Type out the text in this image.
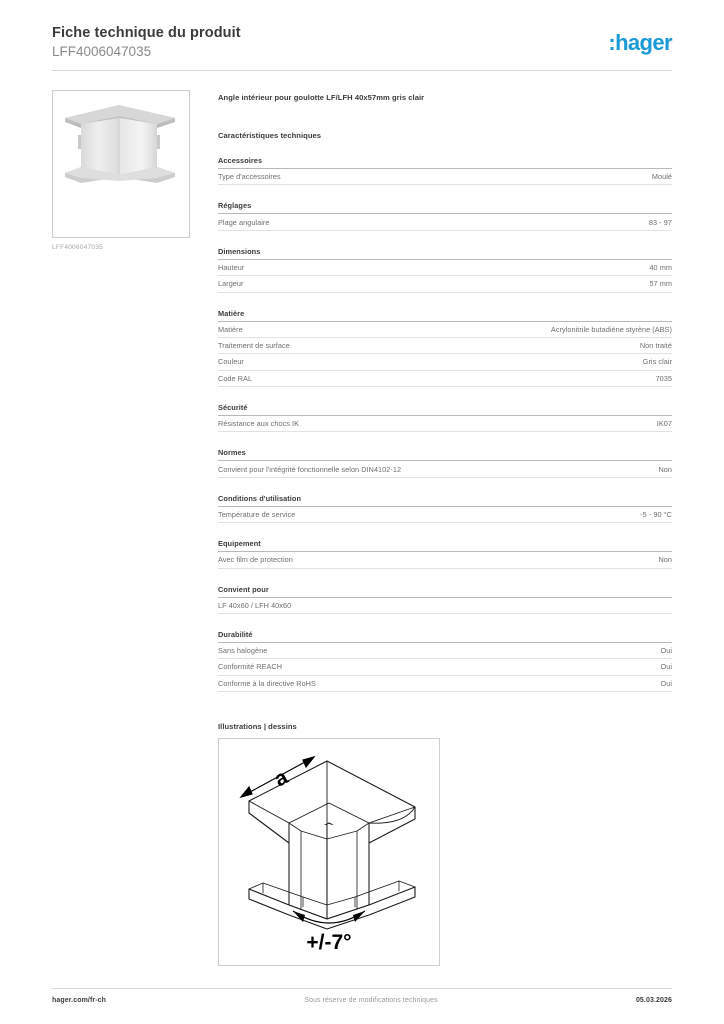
Fiche technique du produit
LFF4006047035	:hager
LFF4006047035
Angle intérieur pour goulotte LF/LFH 40x57mm gris clair
Caractéristiques techniques
Accessoires
Type d'accessoires	Moulé
Réglages
Plage angulaire	83 - 97
Dimensions
Hauteur	40 mm
Largeur	57 mm
Matière
Matière	Acrylonitrile butadiène styrène (ABS)
Traitement de surface	Non traité
Couleur	Gris clair
Code RAL	7035
Sécurité
Résistance aux chocs IK	IK07
Normes
Convient pour l'intégrité fonctionnelle selon DIN4102-12	Non
Conditions d'utilisation
Température de service	-5 - 90 °C
Equipement
Avec film de protection	Non
Convient pour
LF 40x60 / LFH 40x60
Durabilité
Sans halogène	Oui
Conformité REACH	Oui
Conforme à la directive RoHS	Oui
Illustrations | dessins
a
+/-7°
hager.com/fr-ch	Sous réserve de modifications techniques	05.03.2026
